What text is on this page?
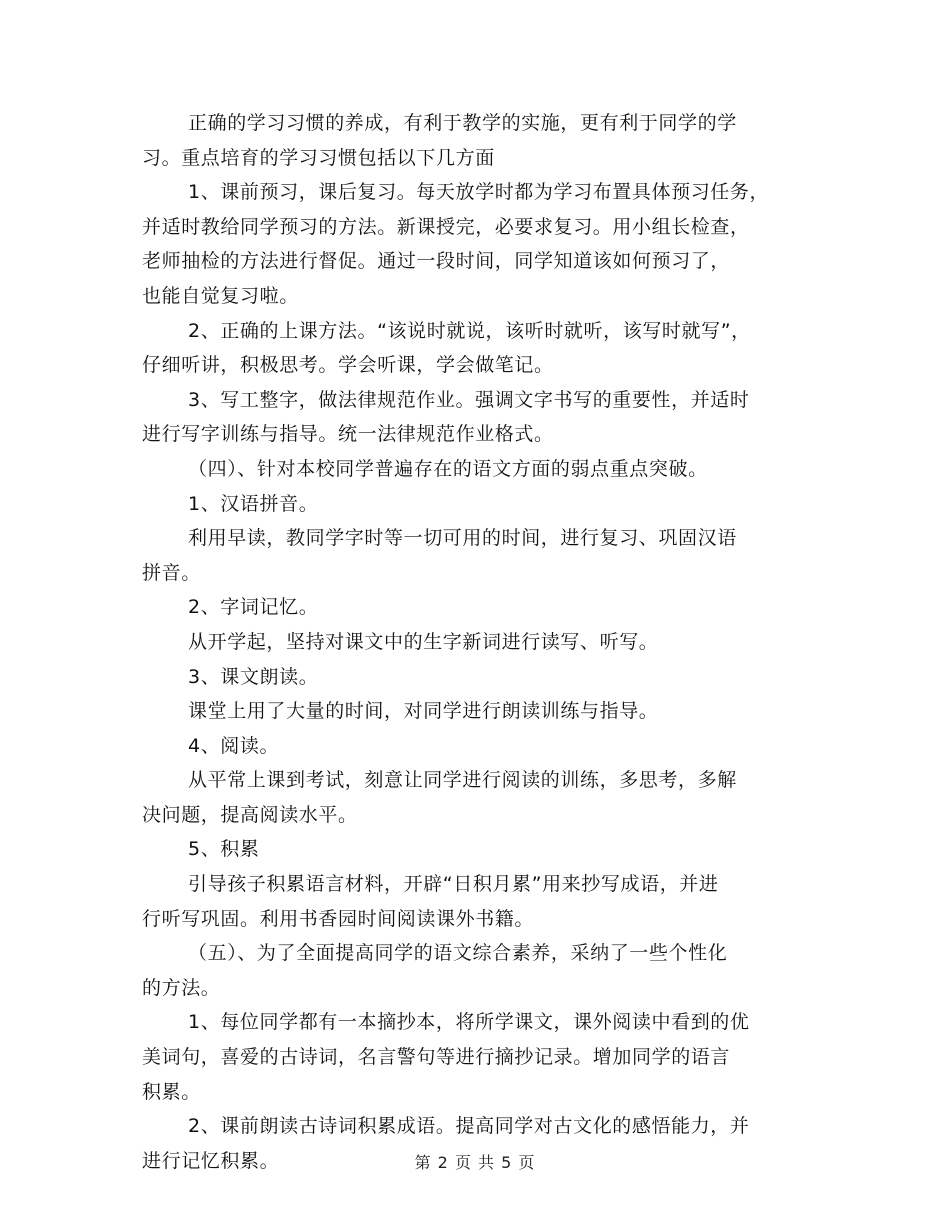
正确的学习习惯的养成，有利于教学的实施，更有利于同学的学
习。重点培育的学习习惯包括以下几方面

1、课前预习，课后复习。每天放学时都为学习布置具体预习任务，
并适时教给同学预习的方法。新课授完，必要求复习。用小组长检查，
老师抽检的方法进行督促。通过一段时间，同学知道该如何预习了，
也能自觉复习啦。

2、正确的上课方法。“该说时就说，该听时就听，该写时就写”，
仔细听讲，积极思考。学会听课，学会做笔记。

3、写工整字，做法律规范作业。强调文字书写的重要性，并适时
进行写字训练与指导。统一法律规范作业格式。

（四）、针对本校同学普遍存在的语文方面的弱点重点突破。

1、汉语拼音。

利用早读，教同学字时等一切可用的时间，进行复习、巩固汉语
拼音。

2、字词记忆。

从开学起，坚持对课文中的生字新词进行读写、听写。

3、课文朗读。

课堂上用了大量的时间，对同学进行朗读训练与指导。

4、阅读。

从平常上课到考试，刻意让同学进行阅读的训练，多思考，多解
决问题，提高阅读水平。

5、积累

引导孩子积累语言材料，开辟“日积月累”用来抄写成语，并进
行听写巩固。利用书香园时间阅读课外书籍。

（五）、为了全面提高同学的语文综合素养，采纳了一些个性化
的方法。

1、每位同学都有一本摘抄本，将所学课文，课外阅读中看到的优
美词句，喜爱的古诗词，名言警句等进行摘抄记录。增加同学的语言
积累。

2、课前朗读古诗词积累成语。提高同学对古文化的感悟能力，并
进行记忆积累。	第 2 页 共 5 页
